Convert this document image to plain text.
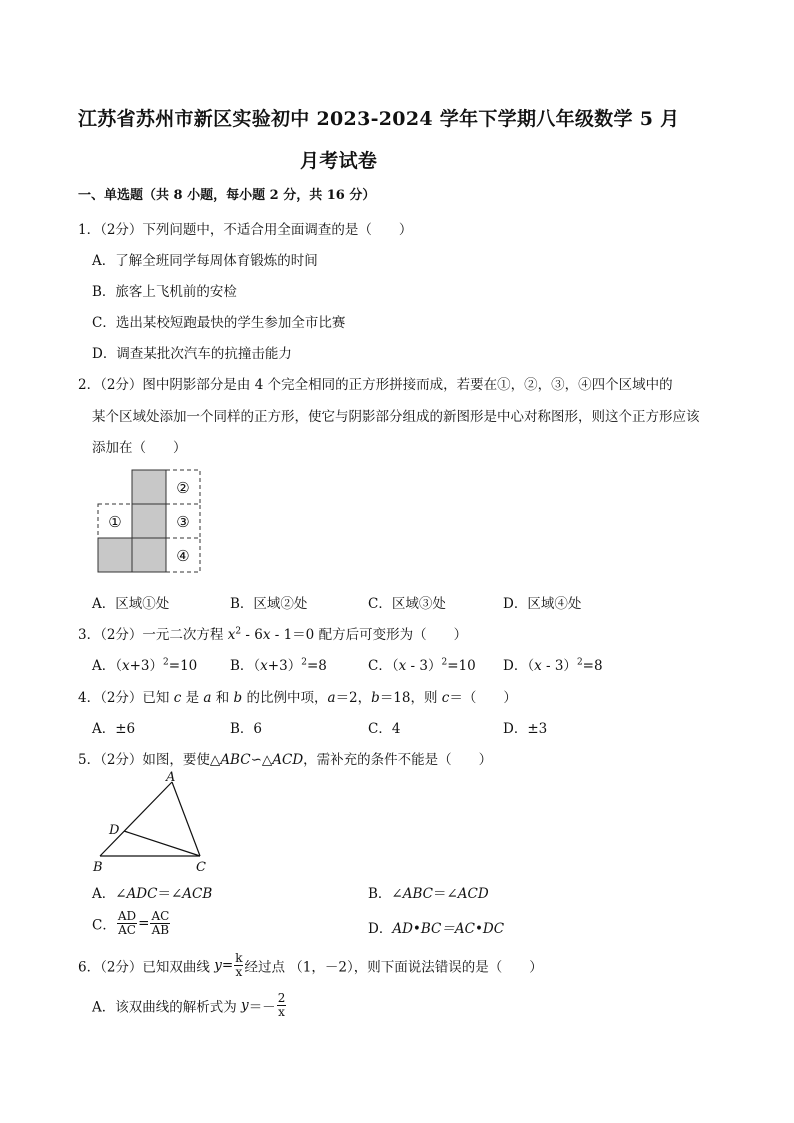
江苏省苏州市新区实验初中 2023-2024 学年下学期八年级数学 5 月
月考试卷
一、单选题（共 8 小题，每小题 2 分，共 16 分）
1．（2分）下列问题中，不适合用全面调查的是（　　）
A．了解全班同学每周体育锻炼的时间
B．旅客上飞机前的安检
C．选出某校短跑最快的学生参加全市比赛
D．调查某批次汽车的抗撞击能力
2．（2分）图中阴影部分是由 4 个完全相同的正方形拼接而成，若要在①，②，③，④四个区域中的
某个区域处添加一个同样的正方形，使它与阴影部分组成的新图形是中心对称图形，则这个正方形应该
添加在（　　）
①
②
③
④
A．区域①处	B．区域②处	C．区域③处	D．区域④处
3．（2分）一元二次方程 $x^2 - 6x - 1=0$ 配方后可变形为（　　）
A．$(x+3)^2=10$ B．$(x+3)^2=8$	C．（x - 3）$^2$=10 D．（x - 3）$^2$=8
4．（2分）已知 c 是 a 和 b 的比例中项，a＝2，b＝18，则 c＝（　　）
A．±6	B．6	C．4	D．±3
5．（2分）如图，要使△ABC∽△ACD，需补充的条件不能是（　　）
A
B	C
D
A．∠ADC＝∠ACB	B．∠ABC＝∠ACD
C． $\frac{AD}{AC} = \frac{AC}{AB}$	D．AD•BC＝AC•DC
6．（2分）已知双曲线 $y= \frac{k}{x}$ 经过点 （1，－2），则下面说法错误的是（　　）
A．该双曲线的解析式为 $y=- \frac{2}{x}$
